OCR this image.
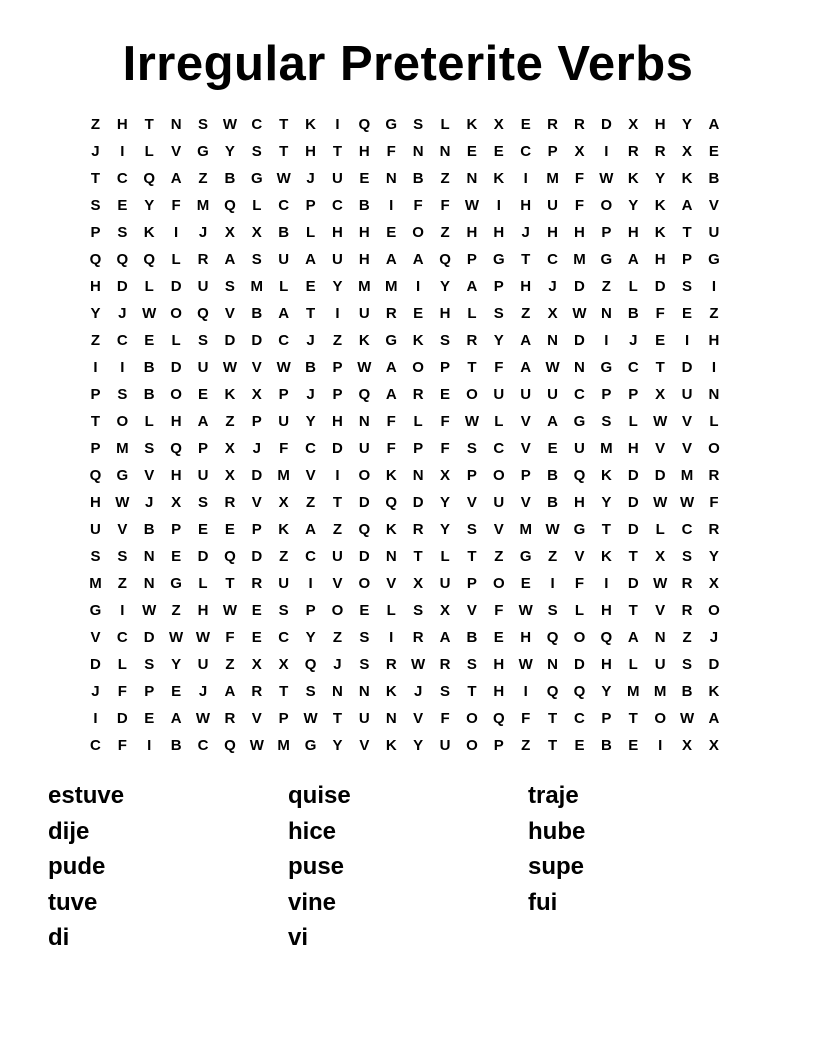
Irregular Preterite Verbs
Z	H	T	N	S W C	T	K	I	Q	G	S	L	K	X	E	R	R	D	X	H	Y	A
J	I	L	V	G	Y	S	T	H	T	H	F	N	N	E	E	C	P	X	I	R	R	X	E
T	C	Q	A	Z	B	G W	J	U	E	N	B	Z	N	K	I	M	F	W K	Y	K	B
S	E	Y	F	M Q	L	C	P	C	B	I	F	F	W	I	H	U	F	O	Y	K	A	V
P	S	K	I	J	X	X	B	L	H	H	E	O	Z	H	H	J	H	H	P	H	K	T	U
Q	Q	Q	L	R	A	S	U	A	U	H	A	A	Q	P	G	T	C	M G	A	H	P	G
H	D	L	D	U	S	M	L	E	Y	M M	I	Y	A	P	H	J	D	Z	L	D	S	I
Y	J	W O	Q	V	B	A	T	I	U	R	E	H	L	S	Z	X W N	B	F	E	Z
Z	C	E	L	S	D	D	C	J	Z	K	G	K	S	R	Y	A	N	D	I	J	E	I	H
I	I	B	D	U W V W B	P W A	O	P	T	F	A W N	G	C	T	D	I
P	S	B	O	E	K	X	P	J	P	Q	A	R	E	O	U	U	U	C	P	P	X	U	N
T	O	L	H	A	Z	P	U	Y	H	N	F	L	F	W	L	V	A	G	S	L	W V	L
P	M	S	Q	P	X	J	F	C	D	U	F	P	F	S	C	V	E	U	M	H	V	V	O
Q	G	V	H	U	X	D	M	V	I	O	K	N	X	P	O	P	B	Q	K	D	D	M	R
H W	J	X	S	R	V	X	Z	T	D	Q	D	Y	V	U	V	B	H	Y	D W W	F
U	V	B	P	E	E	P	K	A	Z	Q	K	R	Y	S	V	M W G	T	D	L	C	R
S	S	N	E	D	Q	D	Z	C	U	D	N	T	L	T	Z	G	Z	V	K	T	X	S	Y
M	Z	N	G	L	T	R	U	I	V	O	V	X	U	P	O	E	I	F	I	D W R	X
G	I	W	Z	H W E	S	P	O	E	L	S	X	V	F	W S	L	H	T	V	R	O
V	C	D W W	F	E	C	Y	Z	S	I	R	A	B	E	H	Q	O	Q	A	N	Z	J
D	L	S	Y	U	Z	X	X	Q	J	S	R W R	S	H W N	D	H	L	U	S	D
J	F	P	E	J	A	R	T	S	N	N	K	J	S	T	H	I	Q	Q	Y	M M	B	K
I	D	E	A W R	V	P W	T	U	N	V	F	O	Q	F	T	C	P	T	O W A
C	F	I	B	C	Q W M G	Y	V	K	Y	U	O	P	Z	T	E	B	E	I	X	X
estuve	quise	traje
dije	hice	hube
pude	puse	supe
tuve	vine	fui
di	vi
